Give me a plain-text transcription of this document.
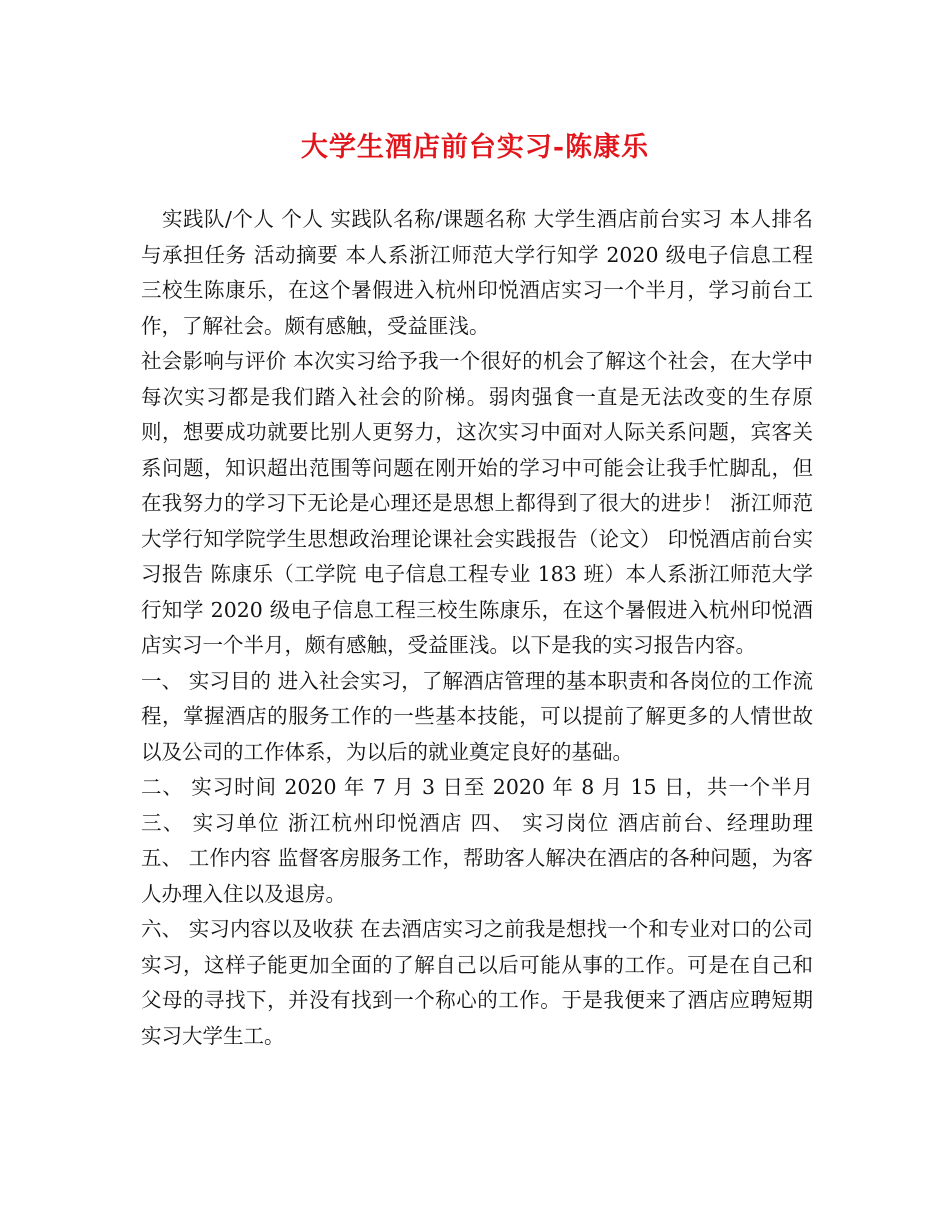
大学生酒店前台实习-陈康乐

实践队/个人 个人 实践队名称/课题名称 大学生酒店前台实习 本人排名与承担任务 活动摘要 本人系浙江师范大学行知学 2020 级电子信息工程三校生陈康乐，在这个暑假进入杭州印悦酒店实习一个半月，学习前台工作，了解社会。颇有感触，受益匪浅。

社会影响与评价 本次实习给予我一个很好的机会了解这个社会，在大学中每次实习都是我们踏入社会的阶梯。弱肉强食一直是无法改变的生存原则，想要成功就要比别人更努力，这次实习中面对人际关系问题，宾客关系问题，知识超出范围等问题在刚开始的学习中可能会让我手忙脚乱，但在我努力的学习下无论是心理还是思想上都得到了很大的进步！ 浙江师范大学行知学院学生思想政治理论课社会实践报告（论文） 印悦酒店前台实习报告 陈康乐（工学院 电子信息工程专业 183 班）本人系浙江师范大学行知学 2020 级电子信息工程三校生陈康乐，在这个暑假进入杭州印悦酒店实习一个半月，颇有感触，受益匪浅。以下是我的实习报告内容。

一、 实习目的 进入社会实习，了解酒店管理的基本职责和各岗位的工作流程，掌握酒店的服务工作的一些基本技能，可以提前了解更多的人情世故以及公司的工作体系，为以后的就业奠定良好的基础。

二、 实习时间 2020 年 7 月 3 日至 2020 年 8 月 15 日，共一个半月 三、 实习单位 浙江杭州印悦酒店 四、 实习岗位 酒店前台、经理助理 五、 工作内容 监督客房服务工作，帮助客人解决在酒店的各种问题，为客人办理入住以及退房。

六、 实习内容以及收获 在去酒店实习之前我是想找一个和专业对口的公司实习，这样子能更加全面的了解自己以后可能从事的工作。可是在自己和父母的寻找下，并没有找到一个称心的工作。于是我便来了酒店应聘短期实习大学生工。
